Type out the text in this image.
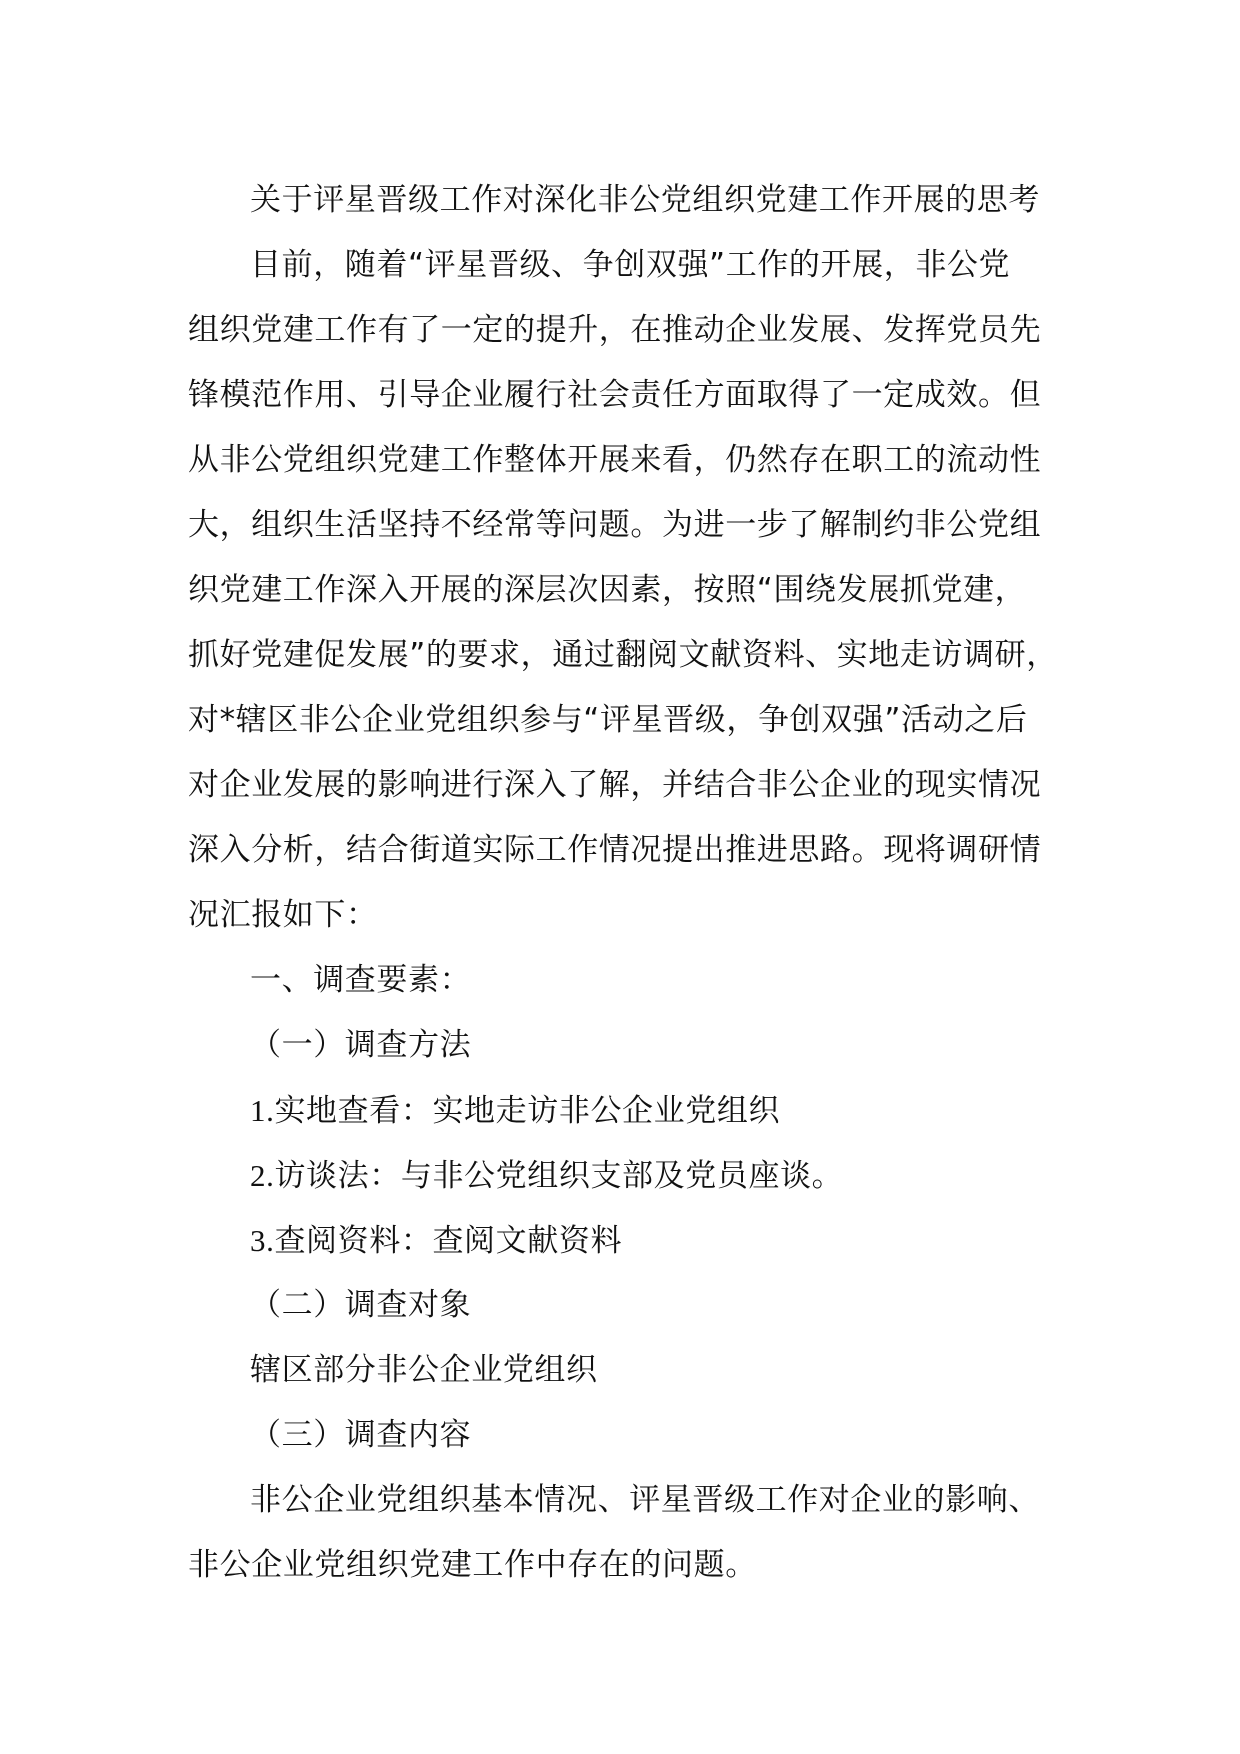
关于评星晋级工作对深化非公党组织党建工作开展的思考
目前，随着“评星晋级、争创双强”工作的开展，非公党
组织党建工作有了一定的提升，在推动企业发展、发挥党员先
锋模范作用、引导企业履行社会责任方面取得了一定成效。但
从非公党组织党建工作整体开展来看，仍然存在职工的流动性
大，组织生活坚持不经常等问题。为进一步了解制约非公党组
织党建工作深入开展的深层次因素，按照“围绕发展抓党建，
抓好党建促发展”的要求，通过翻阅文献资料、实地走访调研，
对*辖区非公企业党组织参与“评星晋级，争创双强”活动之后
对企业发展的影响进行深入了解，并结合非公企业的现实情况
深入分析，结合街道实际工作情况提出推进思路。现将调研情
况汇报如下：
一、调查要素：
（一）调查方法
1.实地查看：实地走访非公企业党组织
2.访谈法：与非公党组织支部及党员座谈。
3.查阅资料：查阅文献资料
（二）调查对象
辖区部分非公企业党组织
（三）调查内容
非公企业党组织基本情况、评星晋级工作对企业的影响、
非公企业党组织党建工作中存在的问题。
